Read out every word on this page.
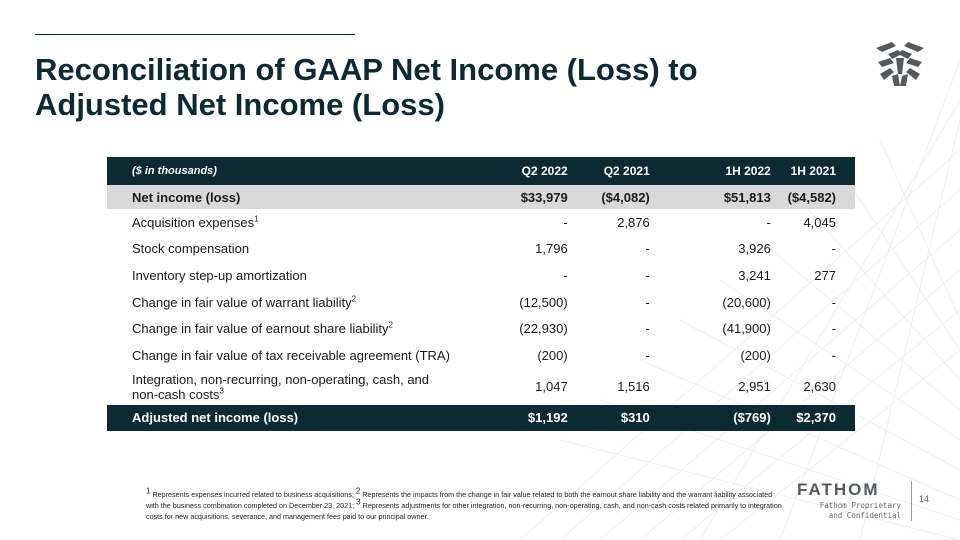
Reconciliation of GAAP Net Income (Loss) to
Adjusted Net Income (Loss)
($ in thousands)	Q2 2022	Q2 2021	1H 2022	1H 2021
Net income (loss)	$33,979	($4,082)	$51,813	($4,582)
Acquisition expenses$^1$	-	2,876	-	4,045
Stock compensation	1,796	-	3,926	-
Inventory step-up amortization	-	-	3,241	277
Change in fair value of warrant liability$^2$	(12,500)	-	(20,600)	-
Change in fair value of earnout share liability$^2$	(22,930)	-	(41,900)	-
Change in fair value of tax receivable agreement (TRA)	(200)	-	(200)	-
Integration, non-recurring, non-operating, cash, and
non-cash costs$^3$	1,047	1,516	2,951	2,630
Adjusted net income (loss)	$1,192	$310	($769)	$2,370
$^1$ Represents expenses incurred related to business acquisitions; $^2$ Represents the impacts from the change in fair value related to both the earnout share liability and the warrant liability associated with the business combination completed on December 23, 2021; $^3$ Represents adjustments for other integration, non-recurring, non-operating, cash, and non-cash costs related primarily to integration costs for new acquisitions, severance, and management fees paid to our principal owner.
FATHOM
Fathom Proprietary
and Confidential
14
